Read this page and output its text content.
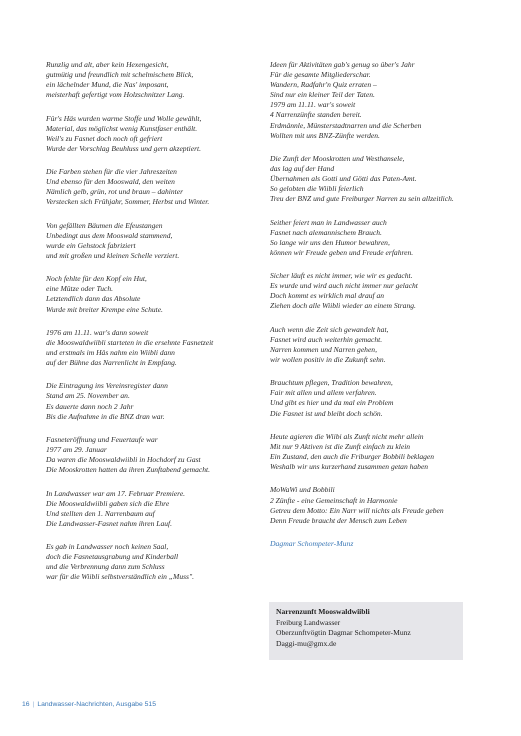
Runzlig und alt, aber kein Hexengesicht,
gutmütig und freundlich mit schelmischem Blick,
ein lächelnder Mund, die Nas' imposant,
meisterhaft gefertigt vom Holzschnitzer Lang.
Für's Häs wurden warme Stoffe und Wolle gewählt,
Material, das möglichst wenig Kunstfaser enthält.
Weil's zu Fasnet doch noch oft gefriert
Wurde der Vorschlag Beuhluss und gern akzeptiert.
Die Farben stehen für die vier Jahreszeiten
Und ebenso für den Mooswald, den weiten
Nämlich gelb, grün, rot und braun – dahinter
Verstecken sich Frühjahr, Sommer, Herbst und Winter.
Von gefällten Bäumen die Efeustangen
Unbedingt aus dem Mooswald stammend,
wurde ein Gehstock fabriziert
und mit großen und kleinen Schelle verziert.
Noch fehlte für den Kopf ein Hut,
eine Mütze oder Tuch.
Letztendlich dann das Absolute
Wurde mit breiter Krempe eine Schute.
1976 am 11.11. war's dann soweit
die Mooswaldwiibli starteten in die ersehnte Fasnetzeit
und erstmals im Häs nahm ein Wiibli dann
auf der Bühne das Narrenlicht in Empfang.
Die Eintragung ins Vereinsregister dann
Stand am 25. November an.
Es dauerte dann noch 2 Jahr
Bis die Aufnahme in die BNZ dran war.
Fasneteröffnung und Feuertaufe war
1977 am 29. Januar
Da waren die Mooswaldwiibli in Hochdorf zu Gast
Die Mooskrotten hatten da ihren Zunftabend gemacht.
In Landwasser war am 17. Februar Premiere.
Die Mooswaldwiibli gaben sich die Ehre
Und stellten den 1. Narrenbaum auf
Die Landwasser-Fasnet nahm ihren Lauf.
Es gab in Landwasser noch keinen Saal,
doch die Fasnetausgrabung und Kinderball
und die Verbrennung dann zum Schluss
war für die Wiibli selbstverständlich ein „Muss".
Ideen für Aktivitäten gab's genug so über's Jahr
Für die gesamte Mitgliederschar.
Wandern, Radfahr'n Quiz erraten –
Sind nur ein kleiner Teil der Taten.
1979 am 11.11. war's soweit
4 Narrenzünfte standen bereit.
Erdmännle, Münsterstadtnarren und die Scherben
Wollten mit uns BNZ-Zünfte werden.
Die Zunft der Mooskrotten und Westhansele,
das lag auf der Hand
Übernahmen als Gotti und Götti das Paten-Amt.
So gelobten die Wiibli feierlich
Treu der BNZ und gute Freiburger Narren zu sein allzeitlich.
Seither feiert man in Landwasser auch
Fasnet nach alemannischem Brauch.
So lange wir uns den Humor bewahren,
können wir Freude geben und Freude erfahren.
Sicher läuft es nicht immer, wie wir es gedacht.
Es wurde und wird auch nicht immer nur gelacht
Doch kommt es wirklich mal drauf an
Ziehen doch alle Wiibli wieder an einem Strang.
Auch wenn die Zeit sich gewandelt hat,
Fasnet wird auch weiterhin gemacht.
Narren kommen und Narren gehen,
wir wollen positiv in die Zukunft sehn.
Brauchtum pflegen, Tradition bewahren,
Fair mit allen und allem verfahren.
Und gibt es hier und da mal ein Problem
Die Fasnet ist und bleibt doch schön.
Heute agieren die Wiibi als Zunft nicht mehr allein
Mit nur 9 Aktiven ist die Zunft einfach zu klein
Ein Zustand, den auch die Friburger Bobbili beklagen
Weshalb wir uns kurzerhand zusammen getan haben
MoWaWi und Bobbili
2 Zünfte - eine Gemeinschaft in Harmonie
Getreu dem Motto: Ein Narr will nichts als Freude geben
Denn Freude braucht der Mensch zum Leben
Dagmar Schompeter-Munz
Narrenzunft Mooswaldwiibli
Freiburg Landwasser
Oberzunftvögtin Dagmar Schompeter-Munz
Daggi-mu@gmx.de
16 | Landwasser-Nachrichten, Ausgabe 515
